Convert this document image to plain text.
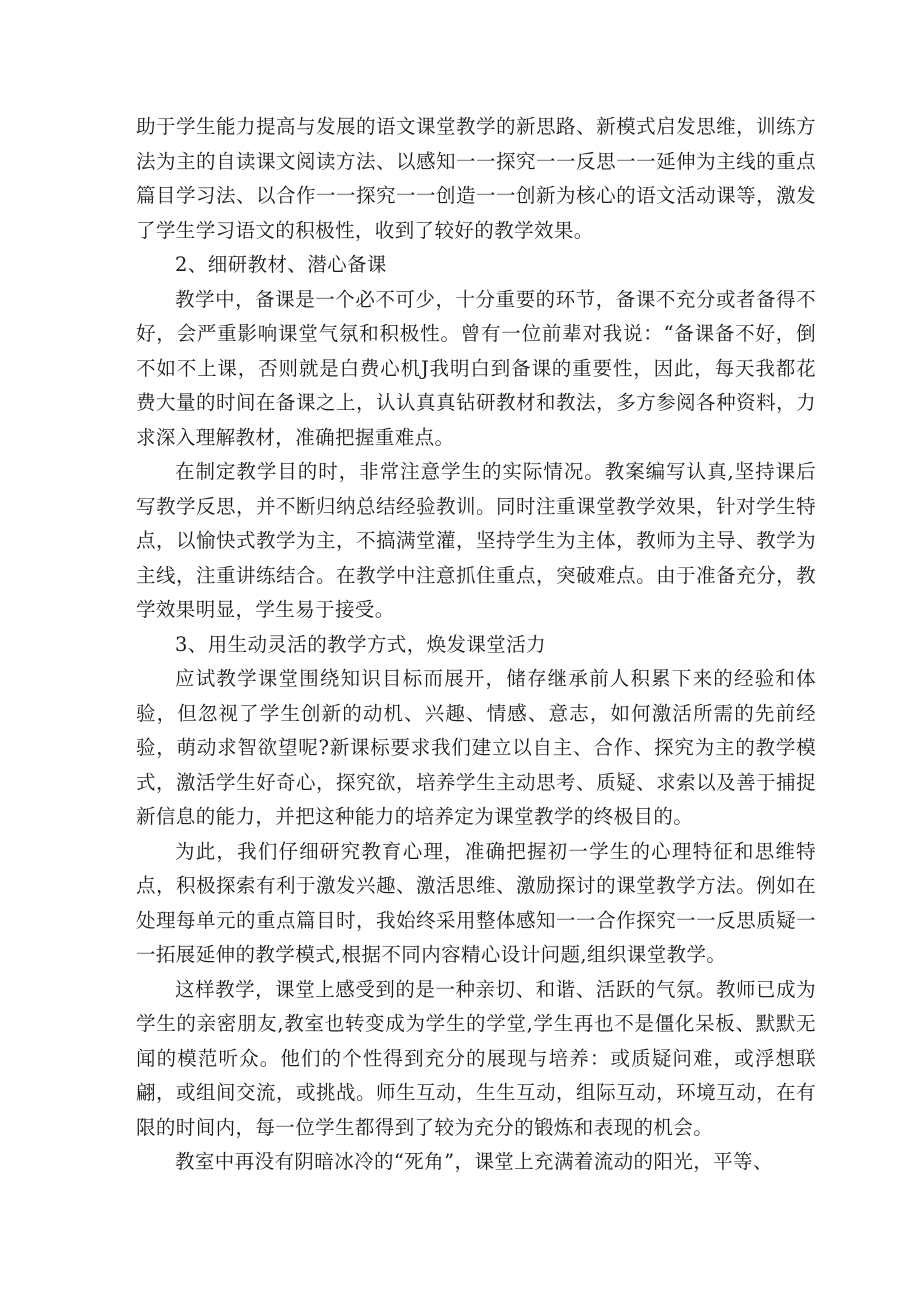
助于学生能力提高与发展的语文课堂教学的新思路、新模式启发思维，训练方法为主的自读课文阅读方法、以感知一一探究一一反思一一延伸为主线的重点篇目学习法、以合作一一探究一一创造一一创新为核心的语文活动课等，激发了学生学习语文的积极性，收到了较好的教学效果。

2、细研教材、潜心备课

教学中，备课是一个必不可少，十分重要的环节，备课不充分或者备得不好，会严重影响课堂气氛和积极性。曾有一位前辈对我说：“备课备不好，倒不如不上课，否则就是白费心机J我明白到备课的重要性，因此，每天我都花费大量的时间在备课之上，认认真真钻研教材和教法，多方参阅各种资料，力求深入理解教材，准确把握重难点。

在制定教学目的时，非常注意学生的实际情况。教案编写认真,坚持课后写教学反思，并不断归纳总结经验教训。同时注重课堂教学效果，针对学生特点，以愉快式教学为主，不搞满堂灌，坚持学生为主体，教师为主导、教学为主线，注重讲练结合。在教学中注意抓住重点，突破难点。由于准备充分，教学效果明显，学生易于接受。

3、用生动灵活的教学方式，焕发课堂活力

应试教学课堂围绕知识目标而展开，储存继承前人积累下来的经验和体验，但忽视了学生创新的动机、兴趣、情感、意志，如何激活所需的先前经验，萌动求智欲望呢?新课标要求我们建立以自主、合作、探究为主的教学模式，激活学生好奇心，探究欲，培养学生主动思考、质疑、求索以及善于捕捉新信息的能力，并把这种能力的培养定为课堂教学的终极目的。

为此，我们仔细研究教育心理，准确把握初一学生的心理特征和思维特点，积极探索有利于激发兴趣、激活思维、激励探讨的课堂教学方法。例如在处理每单元的重点篇目时，我始终采用整体感知一一合作探究一一反思质疑一一拓展延伸的教学模式,根据不同内容精心设计问题,组织课堂教学。

这样教学，课堂上感受到的是一种亲切、和谐、活跃的气氛。教师已成为学生的亲密朋友,教室也转变成为学生的学堂,学生再也不是僵化呆板、默默无闻的模范听众。他们的个性得到充分的展现与培养：或质疑问难，或浮想联翩，或组间交流，或挑战。师生互动，生生互动，组际互动，环境互动，在有限的时间内，每一位学生都得到了较为充分的锻炼和表现的机会。

教室中再没有阴暗冰冷的“死角”，课堂上充满着流动的阳光，平等、
